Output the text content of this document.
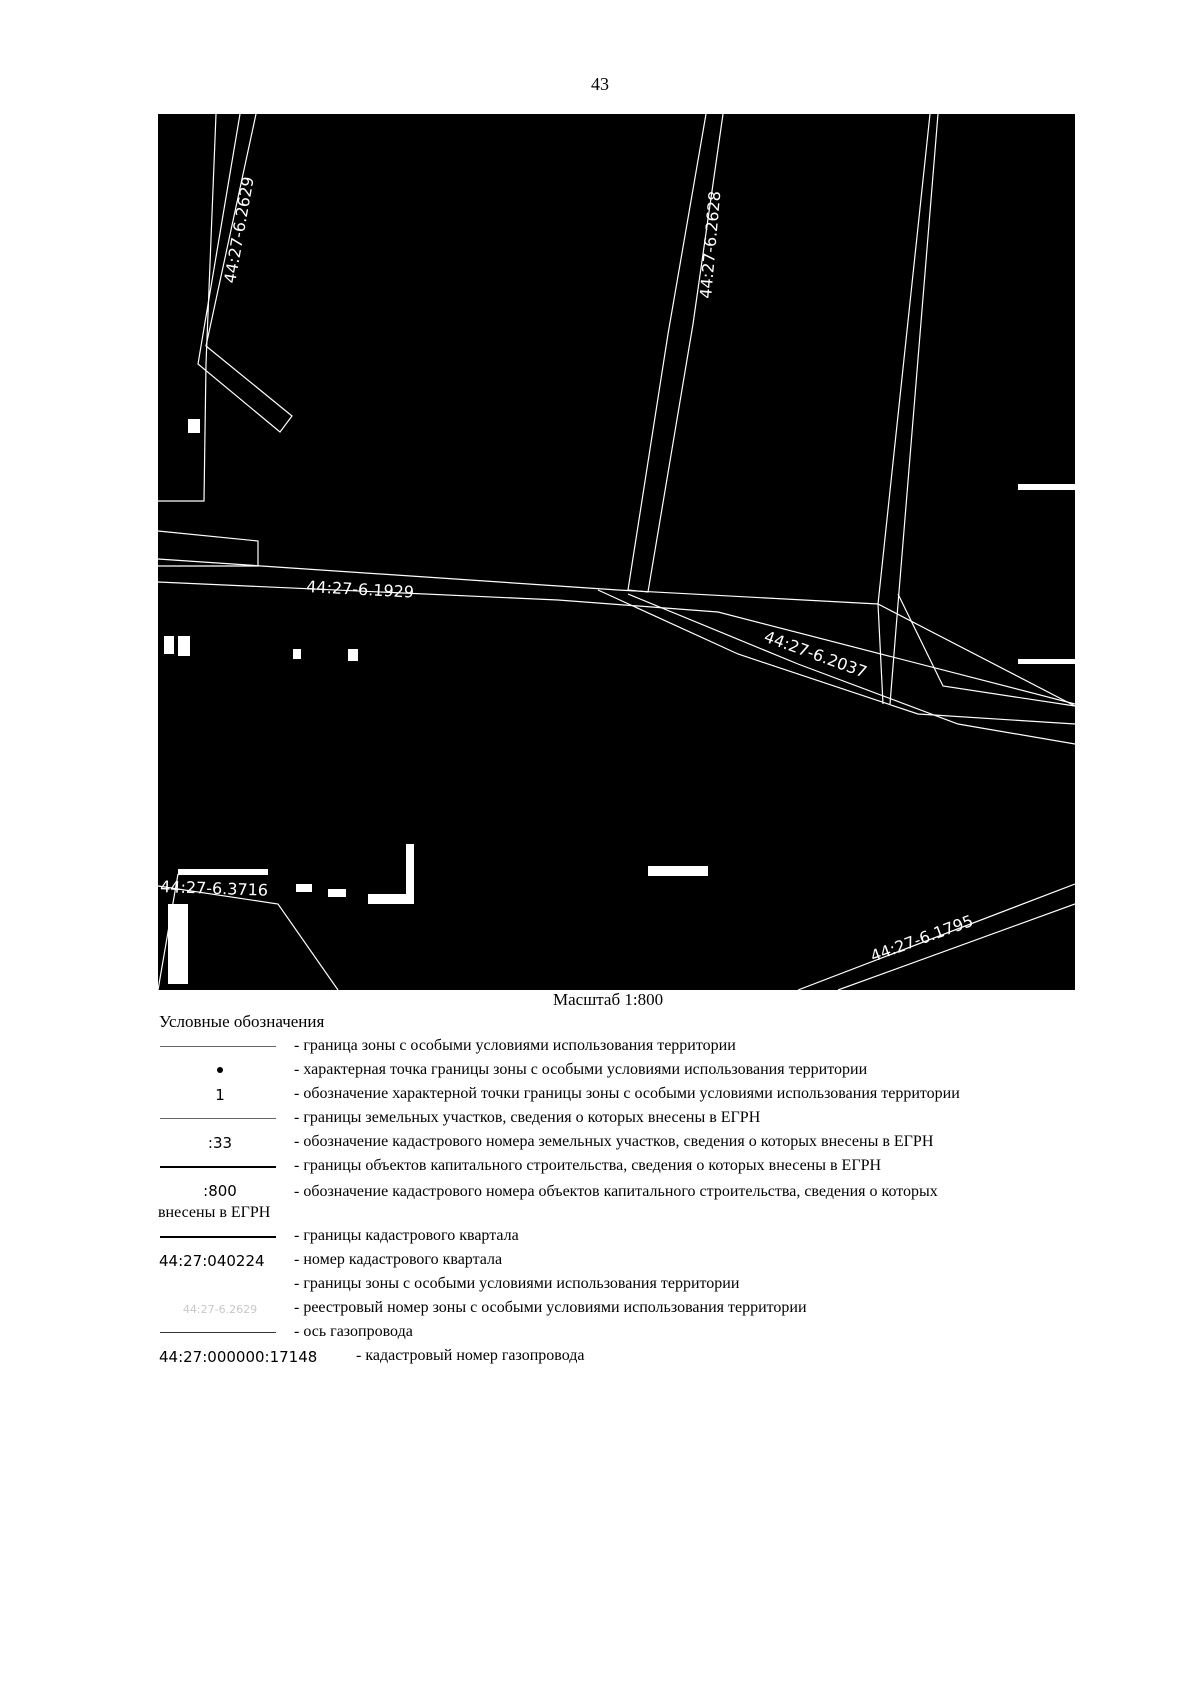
43
44:27-6.2629	44:27-6.2628
44:27-6.1929
44:27-6.2037
44:27-6.3716
44:27-6.1795
Масштаб 1:800
Условные обозначения
- граница зоны с особыми условиями использования территории
- характерная точка границы зоны с особыми условиями использования территории
1	- обозначение характерной точки границы зоны с особыми условиями использования территории
- границы земельных участков, сведения о которых внесены в ЕГРН
:33	- обозначение кадастрового номера земельных участков, сведения о которых внесены в ЕГРН
- границы объектов капитального строительства, сведения о которых внесены в ЕГРН
:800	- обозначение кадастрового номера объектов капитального строительства, сведения о которых внесены в ЕГРН
- границы кадастрового квартала
44:27:040224 - номер кадастрового квартала
- границы зоны с особыми условиями использования территории
44:27-6.2629	- реестровый номер зоны с особыми условиями использования территории
- ось газопровода
44:27:000000:17148 - кадастровый номер газопровода
